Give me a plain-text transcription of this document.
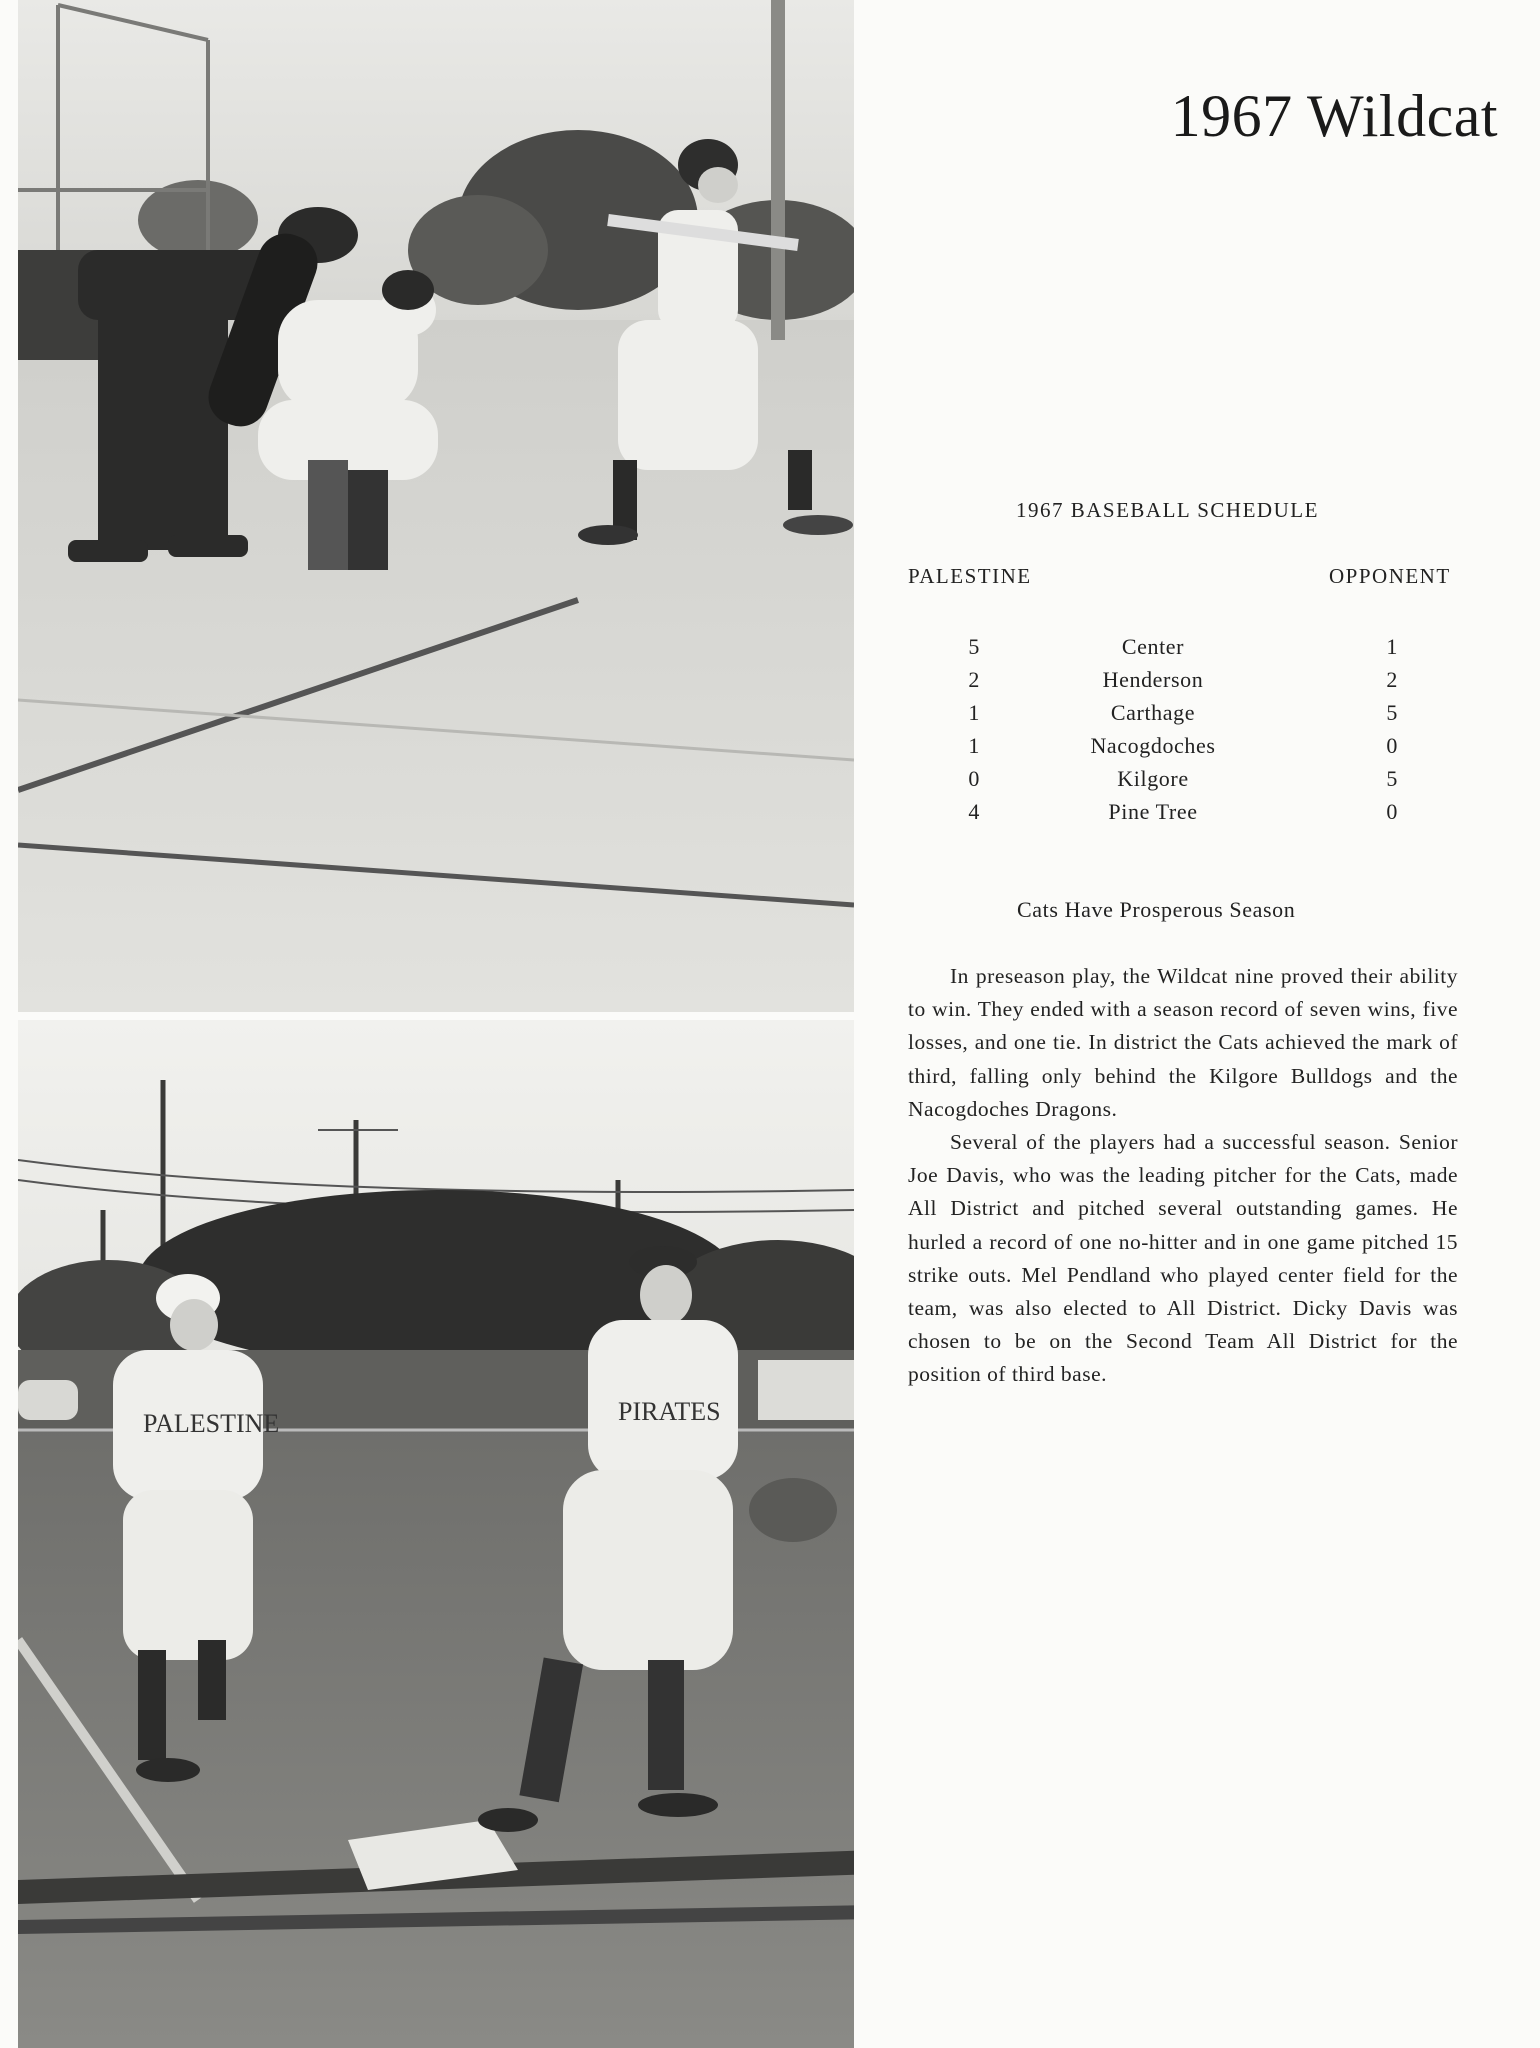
PALESTINE	PIRATES
1967 Wildcat
1967 BASEBALL SCHEDULE
PALESTINE	OPPONENT
5	Center	1
2	Henderson	2
1	Carthage	5
1	Nacogdoches	0
0	Kilgore	5
4	Pine Tree	0
Cats Have Prosperous Season

In preseason play, the Wildcat nine proved their ability to win. They ended with a season record of seven wins, five losses, and one tie. In district the Cats achieved the mark of third, falling only behind the Kilgore Bulldogs and the Nacogdoches Dragons.

Several of the players had a successful season. Senior Joe Davis, who was the leading pitcher for the Cats, made All District and pitched several outstanding games. He hurled a record of one no-hitter and in one game pitched 15 strike outs. Mel Pendland who played center field for the team, was also elected to All District. Dicky Davis was chosen to be on the Second Team All District for the position of third base.
